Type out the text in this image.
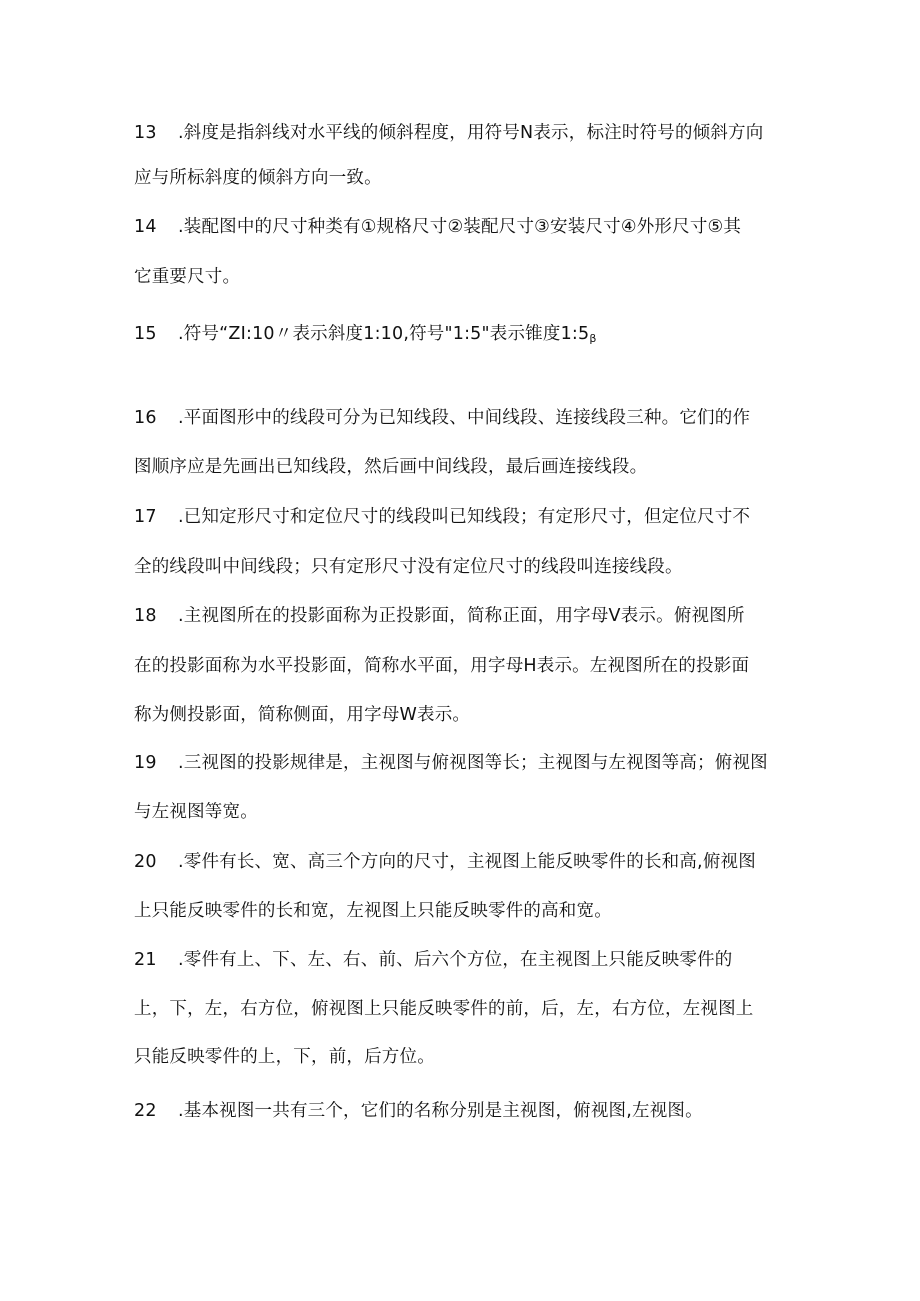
13 .斜度是指斜线对水平线的倾斜程度，用符号N表示，标注时符号的倾斜方向
应与所标斜度的倾斜方向一致。
14 .装配图中的尺寸种类有①规格尺寸②装配尺寸③安装尺寸④外形尺寸⑤其
它重要尺寸。
15 .符号“ZI:10〃表示斜度1:10,符号"1:5"表示锥度$1:5_\beta$
16 .平面图形中的线段可分为已知线段、中间线段、连接线段三种。它们的作
图顺序应是先画出已知线段，然后画中间线段，最后画连接线段。
17 .已知定形尺寸和定位尺寸的线段叫已知线段；有定形尺寸，但定位尺寸不
全的线段叫中间线段；只有定形尺寸没有定位尺寸的线段叫连接线段。
18 .主视图所在的投影面称为正投影面，简称正面，用字母V表示。俯视图所
在的投影面称为水平投影面，简称水平面，用字母H表示。左视图所在的投影面
称为侧投影面，简称侧面，用字母W表示。
19 .三视图的投影规律是，主视图与俯视图等长；主视图与左视图等高；俯视图
与左视图等宽。
20 .零件有长、宽、高三个方向的尺寸，主视图上能反映零件的长和高,俯视图
上只能反映零件的长和宽，左视图上只能反映零件的高和宽。
21 .零件有上、下、左、右、前、后六个方位，在主视图上只能反映零件的
上，下，左，右方位，俯视图上只能反映零件的前，后，左，右方位，左视图上
只能反映零件的上，下，前，后方位。
22 .基本视图一共有三个，它们的名称分别是主视图，俯视图,左视图。
